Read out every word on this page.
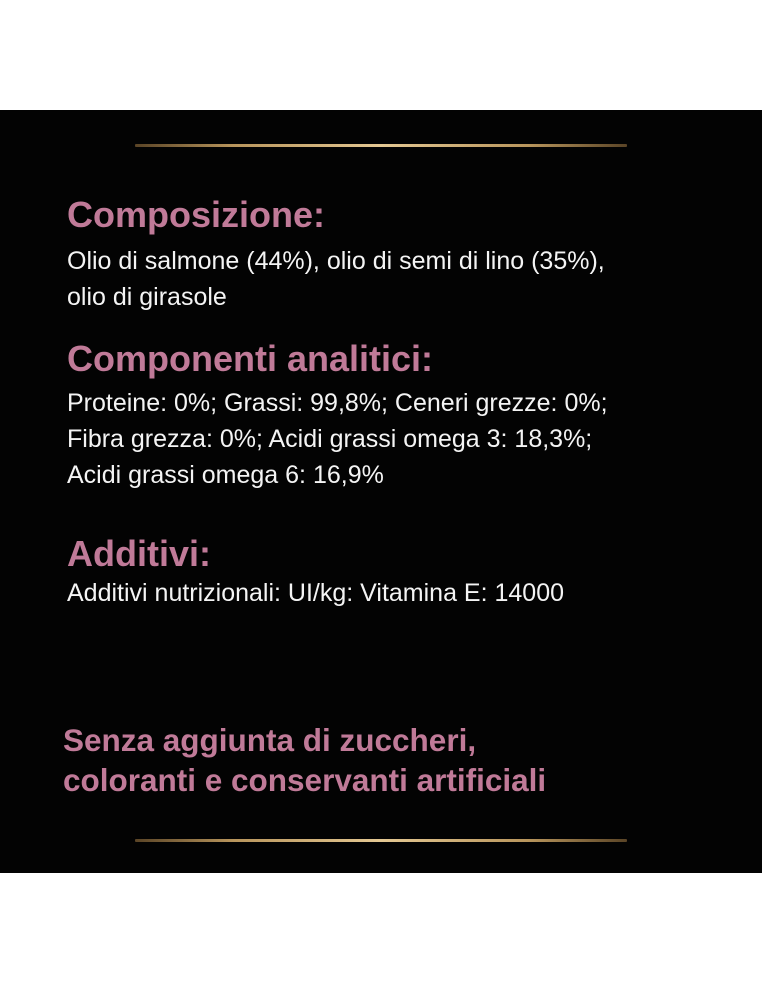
Composizione:

Olio di salmone (44%), olio di semi di lino (35%),
olio di girasole

Componenti analitici:

Proteine: 0%; Grassi: 99,8%; Ceneri grezze: 0%;
Fibra grezza: 0%; Acidi grassi omega 3: 18,3%;
Acidi grassi omega 6: 16,9%

Additivi:

Additivi nutrizionali: UI/kg: Vitamina E: 14000

Senza aggiunta di zuccheri,
coloranti e conservanti artificiali
